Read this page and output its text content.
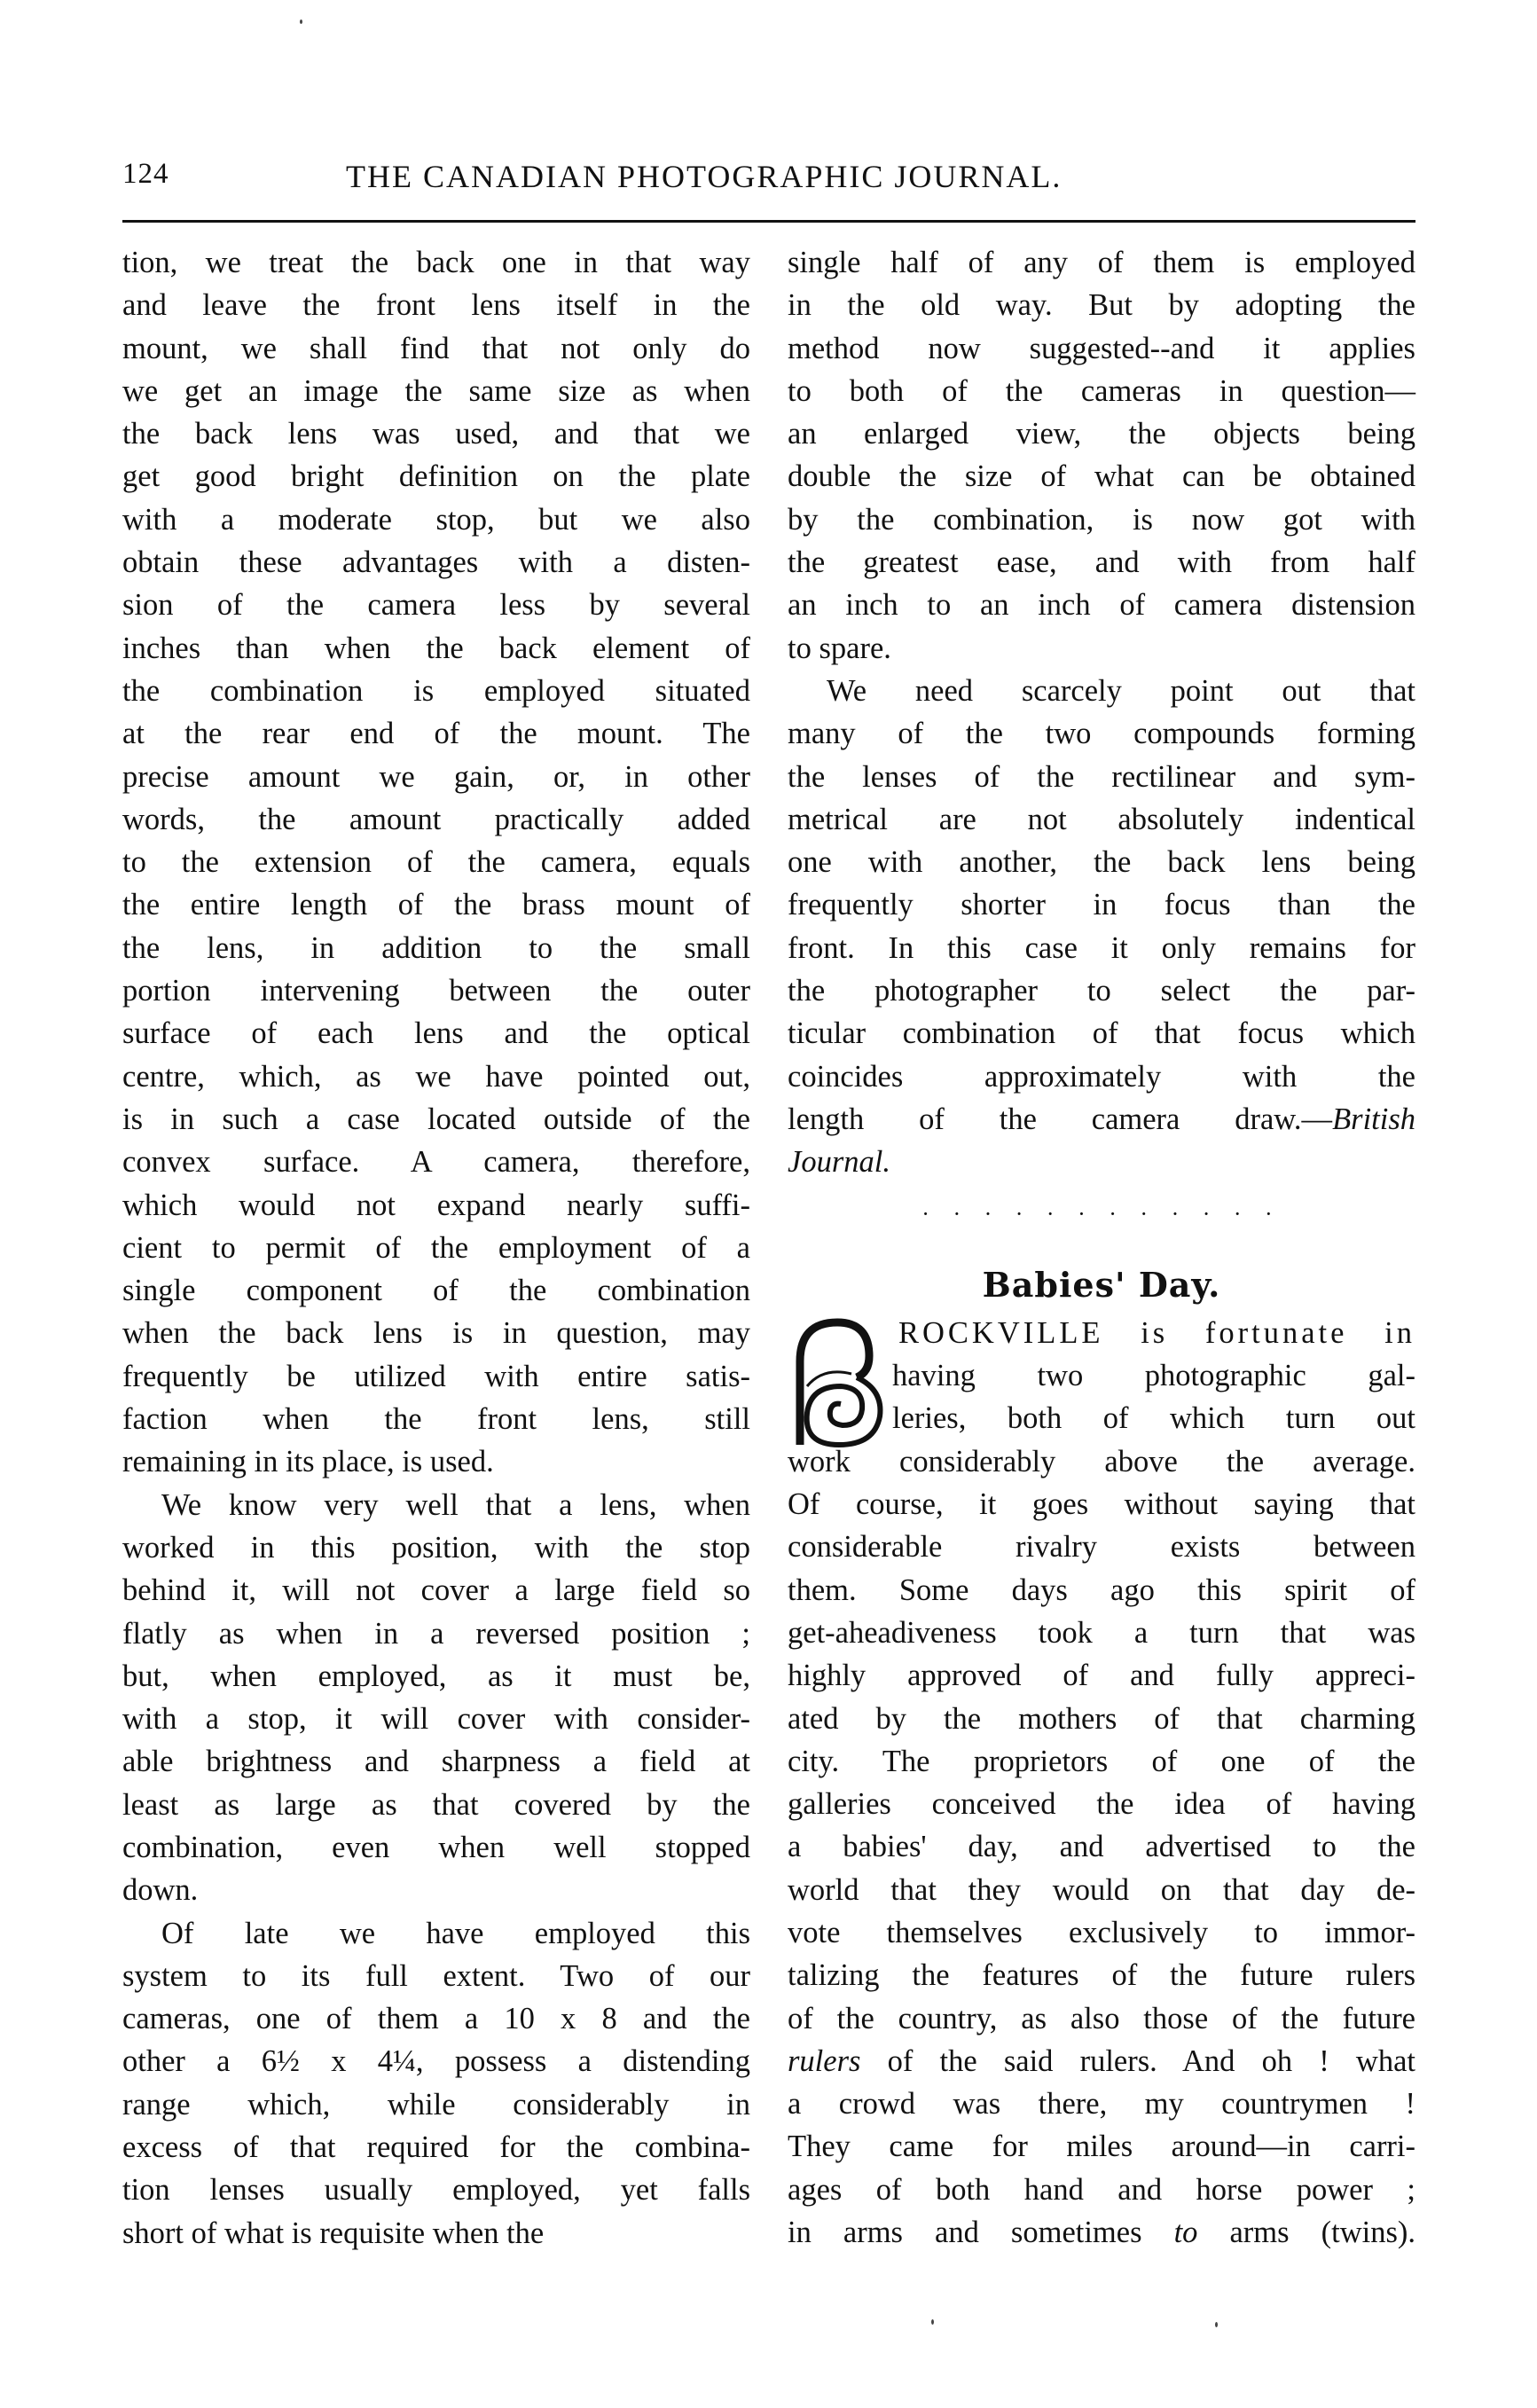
124	THE CANADIAN PHOTOGRAPHIC JOURNAL.
tion, we treat the back one in that way
and leave the front lens itself in the
mount, we shall find that not only do
we get an image the same size as when
the back lens was used, and that we
get good bright definition on the plate
with a moderate stop, but we also
obtain these advantages with a disten-
sion of the camera less by several
inches than when the back element of
the combination is employed situated
at the rear end of the mount. The
precise amount we gain, or, in other
words, the amount practically added
to the extension of the camera, equals
the entire length of the brass mount of
the lens, in addition to the small
portion intervening between the outer
surface of each lens and the optical
centre, which, as we have pointed out,
is in such a case located outside of the
convex surface. A camera, therefore,
which would not expand nearly suffi-
cient to permit of the employment of a
single component of the combination
when the back lens is in question, may
frequently be utilized with entire satis-
faction when the front lens, still
remaining in its place, is used.
We know very well that a lens, when
worked in this position, with the stop
behind it, will not cover a large field so
flatly as when in a reversed position ;
but, when employed, as it must be,
with a stop, it will cover with consider-
able brightness and sharpness a field at
least as large as that covered by the
combination, even when well stopped
down.
Of late we have employed this
system to its full extent. Two of our
cameras, one of them a 10 x 8 and the
other a 6½ x 4¼, possess a distending
range which, while considerably in
excess of that required for the combina-
tion lenses usually employed, yet falls
short of what is requisite when the
single half of any of them is employed
in the old way. But by adopting the
method now suggested--and it applies
to both of the cameras in question—
an enlarged view, the objects being
double the size of what can be obtained
by the combination, is now got with
the greatest ease, and with from half
an inch to an inch of camera distension
to spare.
We need scarcely point out that
many of the two compounds forming
the lenses of the rectilinear and sym-
metrical are not absolutely indentical
one with another, the back lens being
frequently shorter in focus than the
front. In this case it only remains for
the photographer to select the par-
ticular combination of that focus which
coincides approximately with the
length of the camera draw.—British
Journal.
· · · · · · · · · · · ·
Babies' Day.
ROCKVILLE is fortunate in
having two photographic gal-
leries, both of which turn out
work considerably above the average.
Of course, it goes without saying that
considerable rivalry exists between
them. Some days ago this spirit of
get-aheadiveness took a turn that was
highly approved of and fully appreci-
ated by the mothers of that charming
city. The proprietors of one of the
galleries conceived the idea of having
a babies' day, and advertised to the
world that they would on that day de-
vote themselves exclusively to immor-
talizing the features of the future rulers
of the country, as also those of the future
rulers of the said rulers. And oh ! what
a crowd was there, my countrymen !
They came for miles around—in carri-
ages of both hand and horse power ;
in arms and sometimes to arms (twins).
